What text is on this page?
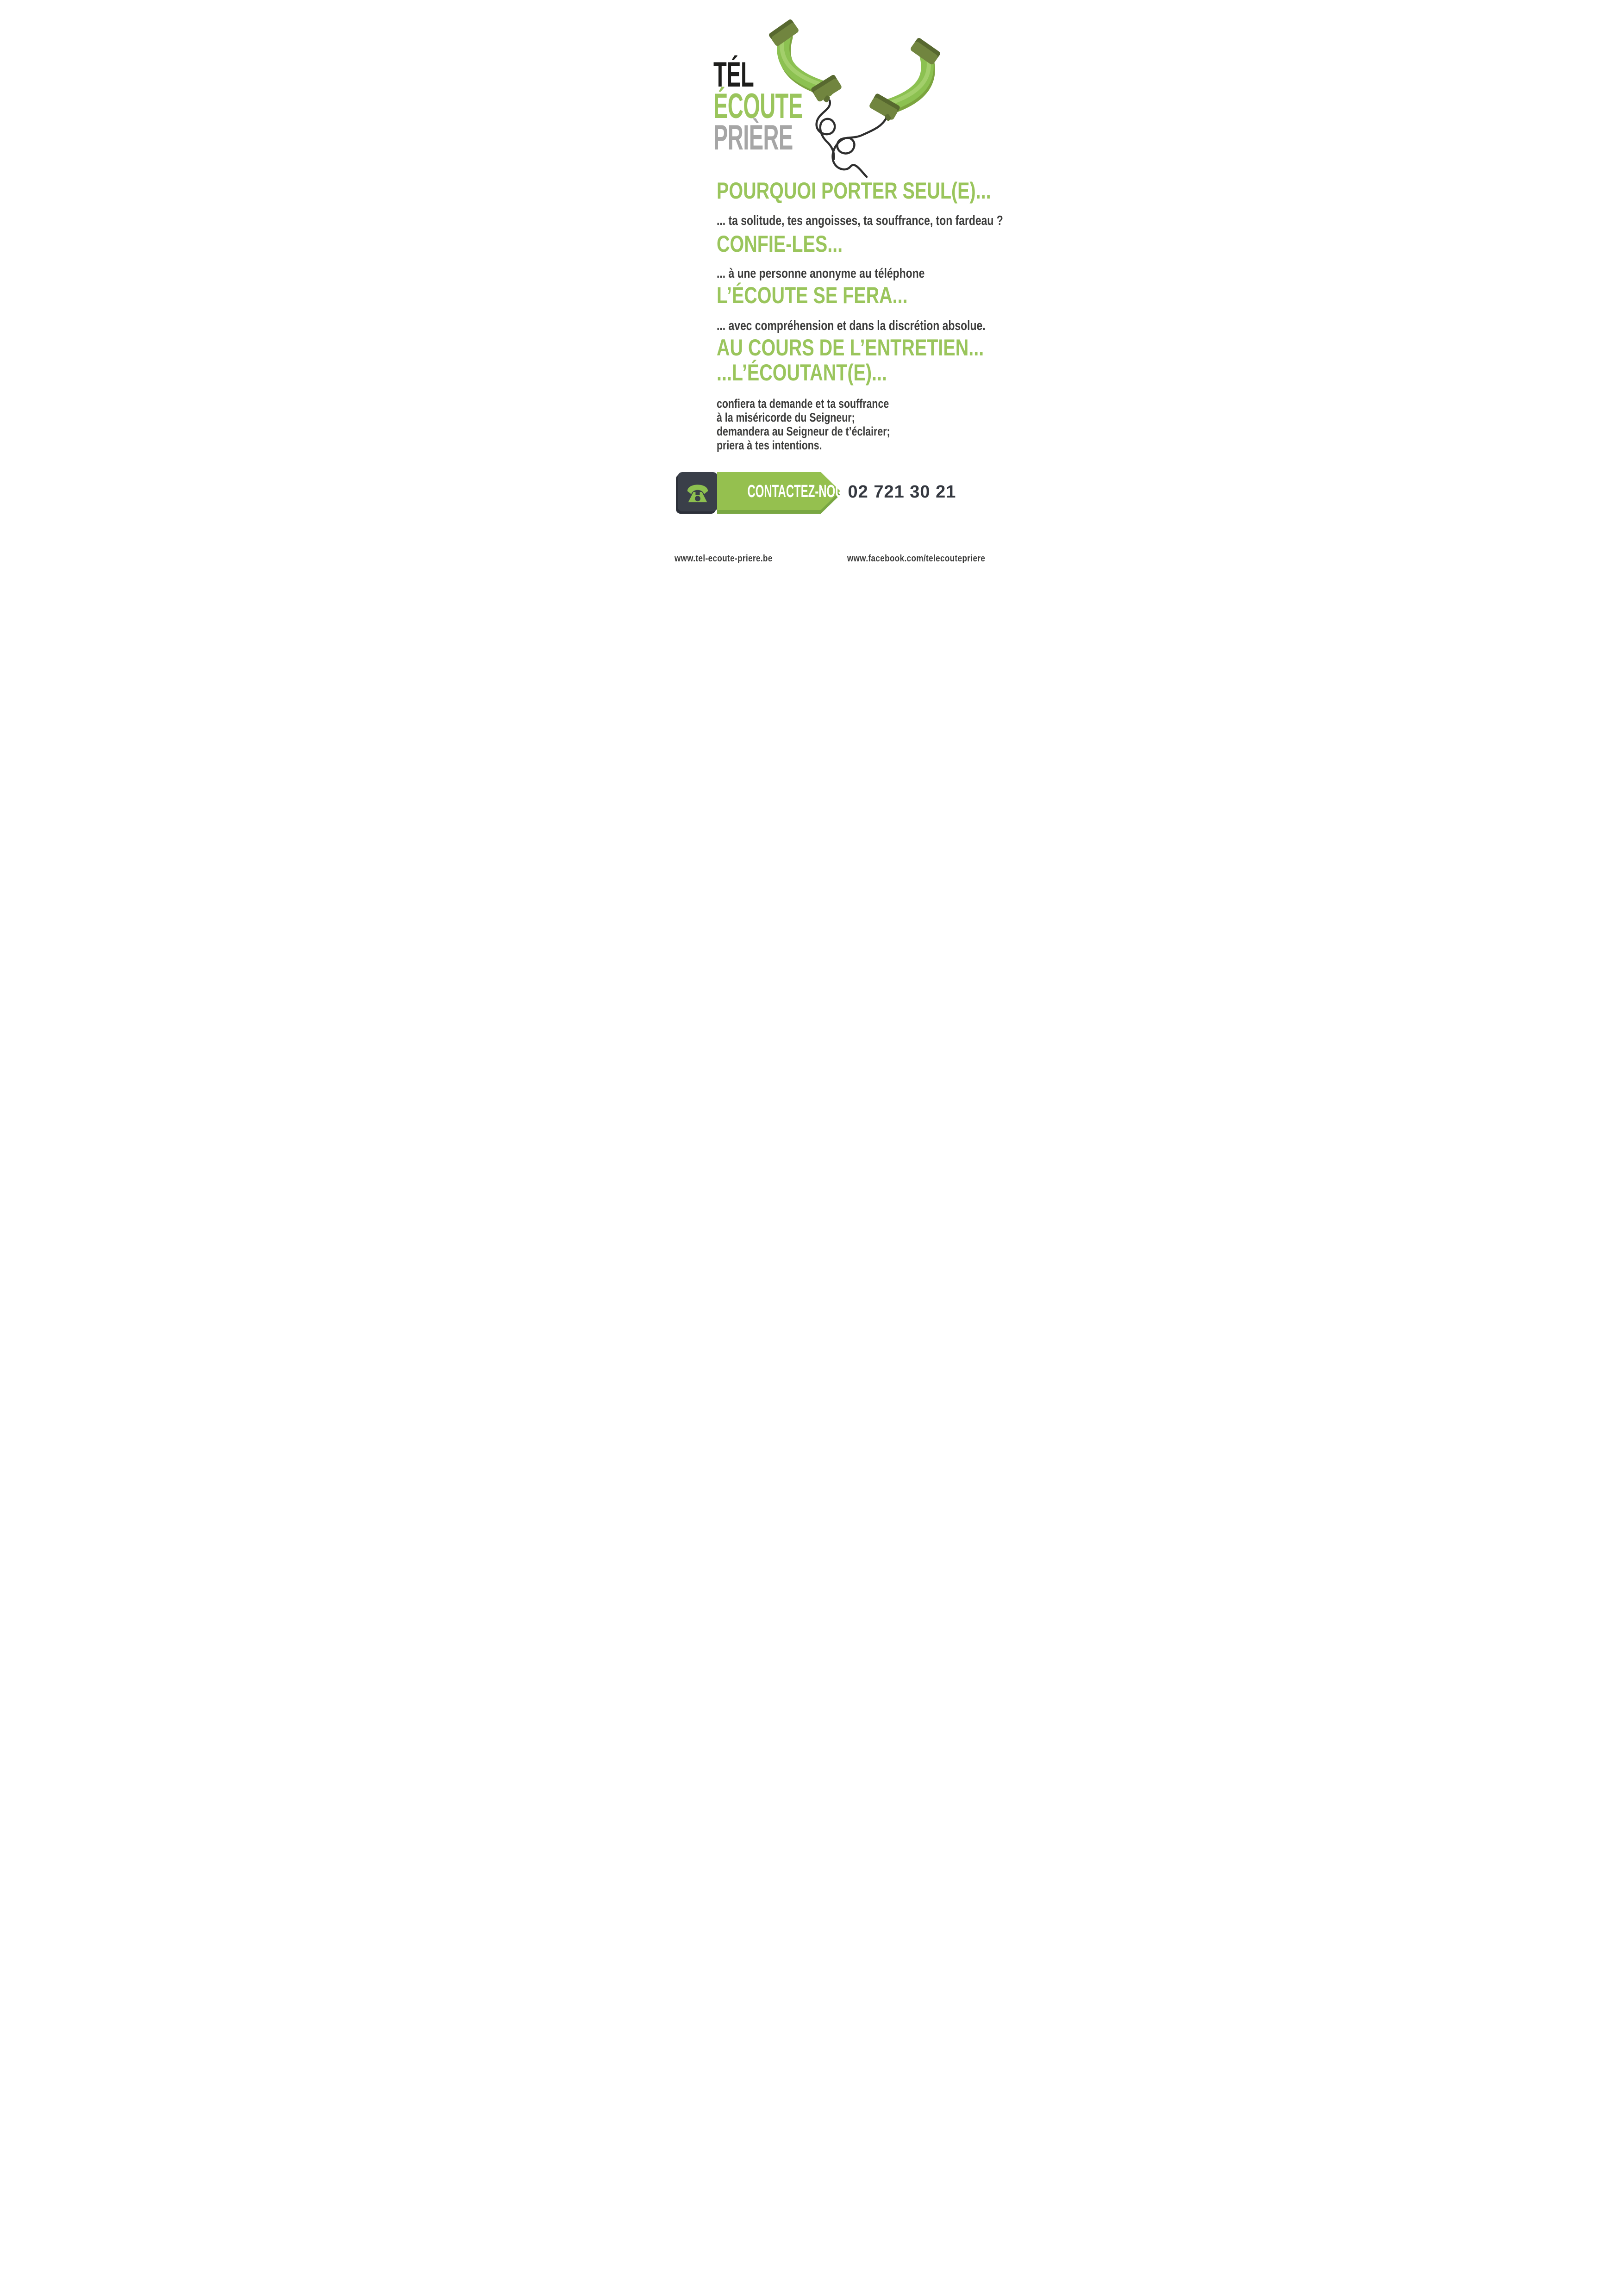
TÉL
ÉCOUTE
PRIÈRE
POURQUOI PORTER SEUL(E)...
... ta solitude, tes angoisses, ta souffrance, ton fardeau ?
CONFIE-LES...
... à une personne anonyme au téléphone
L’ÉCOUTE SE FERA...
... avec compréhension et dans la discrétion absolue.
AU COURS DE L’ENTRETIEN...
...L’ÉCOUTANT(E)...
confiera ta demande et ta souffrance
à la miséricorde du Seigneur;
demandera au Seigneur de t’éclairer;
priera à tes intentions.
CONTACTEZ-NOUS
02 721 30 21
www.tel-ecoute-priere.be	www.facebook.com/telecoutepriere
